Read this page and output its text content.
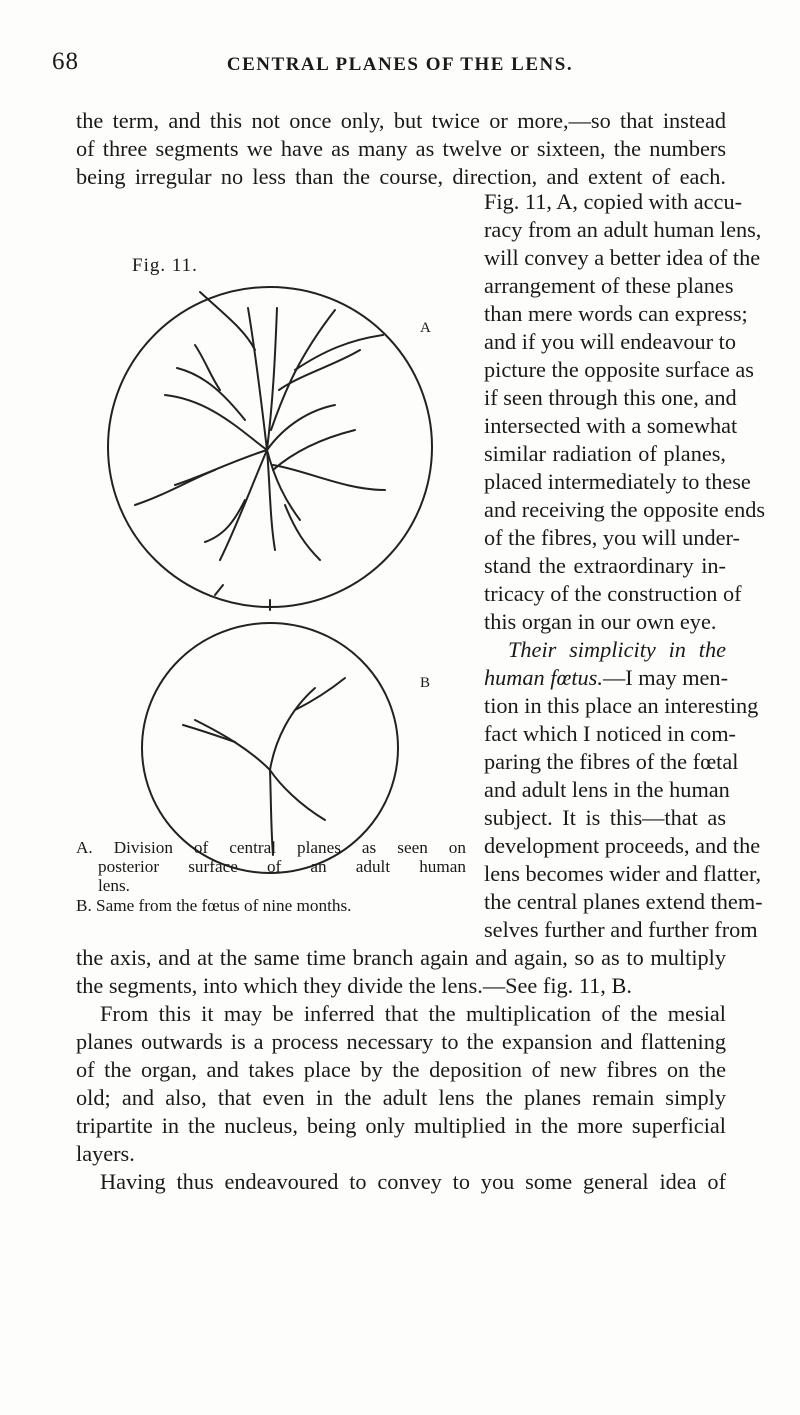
68	CENTRAL PLANES OF THE LENS.
the term, and this not once only, but twice or more,—so that instead
of three segments we have as many as twelve or sixteen, the numbers
being irregular no less than the course, direction, and extent of each.
Fig. 11.
A
B
Fig. 11, A, copied with accu-
racy from an adult human lens,
will convey a better idea of the
arrangement of these planes
than mere words can express;
and if you will endeavour to
picture the opposite surface as
if seen through this one, and
intersected with a somewhat
similar radiation of planes,
placed intermediately to these
and receiving the opposite ends
of the fibres, you will under-
stand the extraordinary in-
tricacy of the construction of
this organ in our own eye.
Their simplicity in the
human fœtus.—I may men-
tion in this place an interesting
fact which I noticed in com-
paring the fibres of the fœtal
and adult lens in the human
subject. It is this—that as
development proceeds, and the
lens becomes wider and flatter,
the central planes extend them-
selves further and further from
A. Division of central planes as seen on
posterior surface of an adult human
lens.
B. Same from the fœtus of nine months.
the axis, and at the same time branch again and again, so as to multiply
the segments, into which they divide the lens.—See fig. 11, B.
From this it may be inferred that the multiplication of the mesial
planes outwards is a process necessary to the expansion and flattening
of the organ, and takes place by the deposition of new fibres on the
old; and also, that even in the adult lens the planes remain simply
tripartite in the nucleus, being only multiplied in the more superficial
layers.
Having thus endeavoured to convey to you some general idea of
